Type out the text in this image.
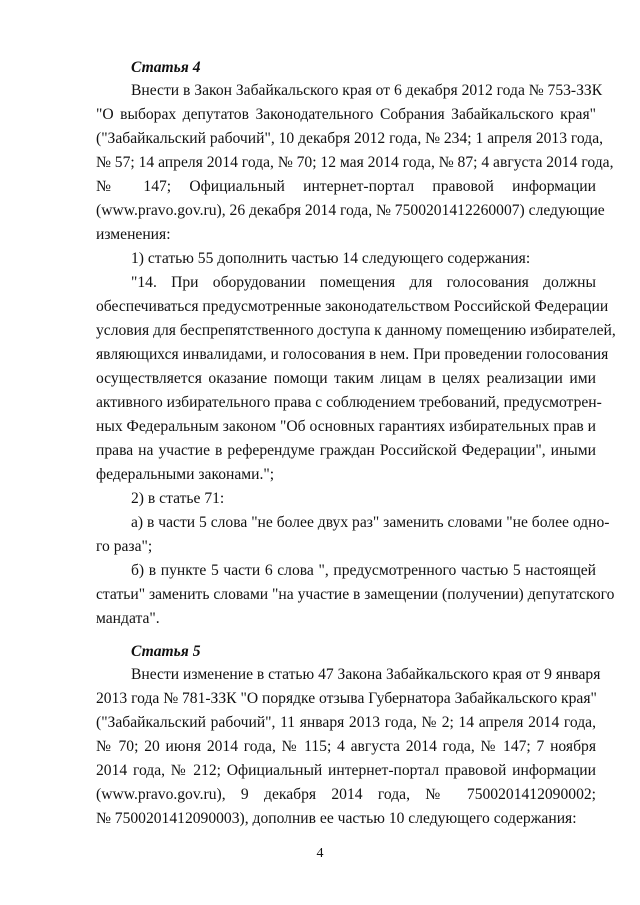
Статья 4
Внести в Закон Забайкальского края от 6 декабря 2012 года № 753-ЗЗК
"О выборах депутатов Законодательного Собрания Забайкальского края"
("Забайкальский рабочий", 10 декабря 2012 года, № 234; 1 апреля 2013 года,
№ 57; 14 апреля 2014 года, № 70; 12 мая 2014 года, № 87; 4 августа 2014 года,
№ 147; Официальный интернет-портал правовой информации
(www.pravo.gov.ru), 26 декабря 2014 года, № 7500201412260007) следующие
изменения:
1) статью 55 дополнить частью 14 следующего содержания:
"14. При оборудовании помещения для голосования должны
обеспечиваться предусмотренные законодательством Российской Федерации
условия для беспрепятственного доступа к данному помещению избирателей,
являющихся инвалидами, и голосования в нем. При проведении голосования
осуществляется оказание помощи таким лицам в целях реализации ими
активного избирательного права с соблюдением требований, предусмотрен-
ных Федеральным законом "Об основных гарантиях избирательных прав и
права на участие в референдуме граждан Российской Федерации", иными
федеральными законами.";
2) в статье 71:
а) в части 5 слова "не более двух раз" заменить словами "не более одно-
го раза";
б) в пункте 5 части 6 слова ", предусмотренного частью 5 настоящей
статьи" заменить словами "на участие в замещении (получении) депутатского
мандата".
Статья 5
Внести изменение в статью 47 Закона Забайкальского края от 9 января
2013 года № 781-ЗЗК "О порядке отзыва Губернатора Забайкальского края"
("Забайкальский рабочий", 11 января 2013 года, № 2; 14 апреля 2014 года,
№ 70; 20 июня 2014 года, № 115; 4 августа 2014 года, № 147; 7 ноября
2014 года, № 212; Официальный интернет-портал правовой информации
(www.pravo.gov.ru), 9 декабря 2014 года, № 7500201412090002;
№ 7500201412090003), дополнив ее частью 10 следующего содержания:
4
